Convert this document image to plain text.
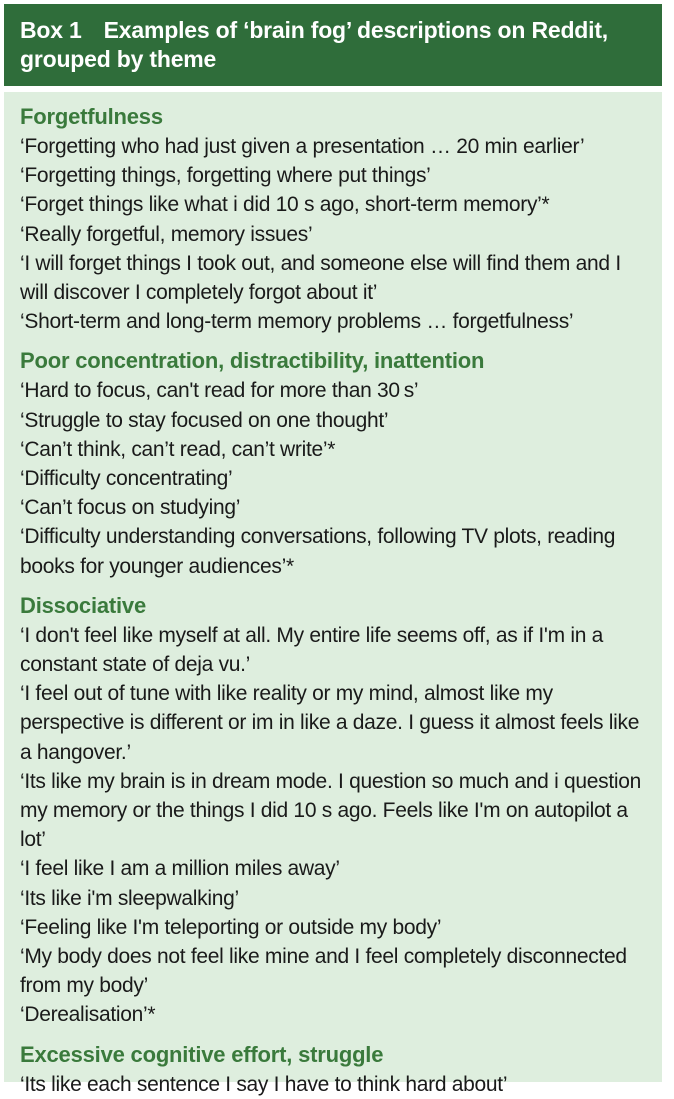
Box 1 Examples of ‘brain fog’ descriptions on Reddit, grouped by theme
Forgetfulness
‘Forgetting who had just given a presentation … 20 min earlier’
‘Forgetting things, forgetting where put things’
‘Forget things like what i did 10 s ago, short-term memory’*
‘Really forgetful, memory issues’
‘I will forget things I took out, and someone else will find them and I will discover I completely forgot about it’
‘Short-term and long-term memory problems … forgetfulness’
Poor concentration, distractibility, inattention
‘Hard to focus, can't read for more than 30 s’
‘Struggle to stay focused on one thought’
‘Can’t think, can’t read, can’t write’*
‘Difficulty concentrating’
‘Can’t focus on studying’
‘Difficulty understanding conversations, following TV plots, reading books for younger audiences’*
Dissociative
‘I don't feel like myself at all. My entire life seems off, as if I'm in a constant state of deja vu.’
‘I feel out of tune with like reality or my mind, almost like my perspective is different or im in like a daze. I guess it almost feels like a hangover.’
‘Its like my brain is in dream mode. I question so much and i question my memory or the things I did 10 s ago. Feels like I'm on autopilot a lot’
‘I feel like I am a million miles away’
‘Its like i'm sleepwalking’
‘Feeling like I'm teleporting or outside my body’
‘My body does not feel like mine and I feel completely disconnected from my body’
‘Derealisation’*
Excessive cognitive effort, struggle
‘Its like each sentence I say I have to think hard about’
